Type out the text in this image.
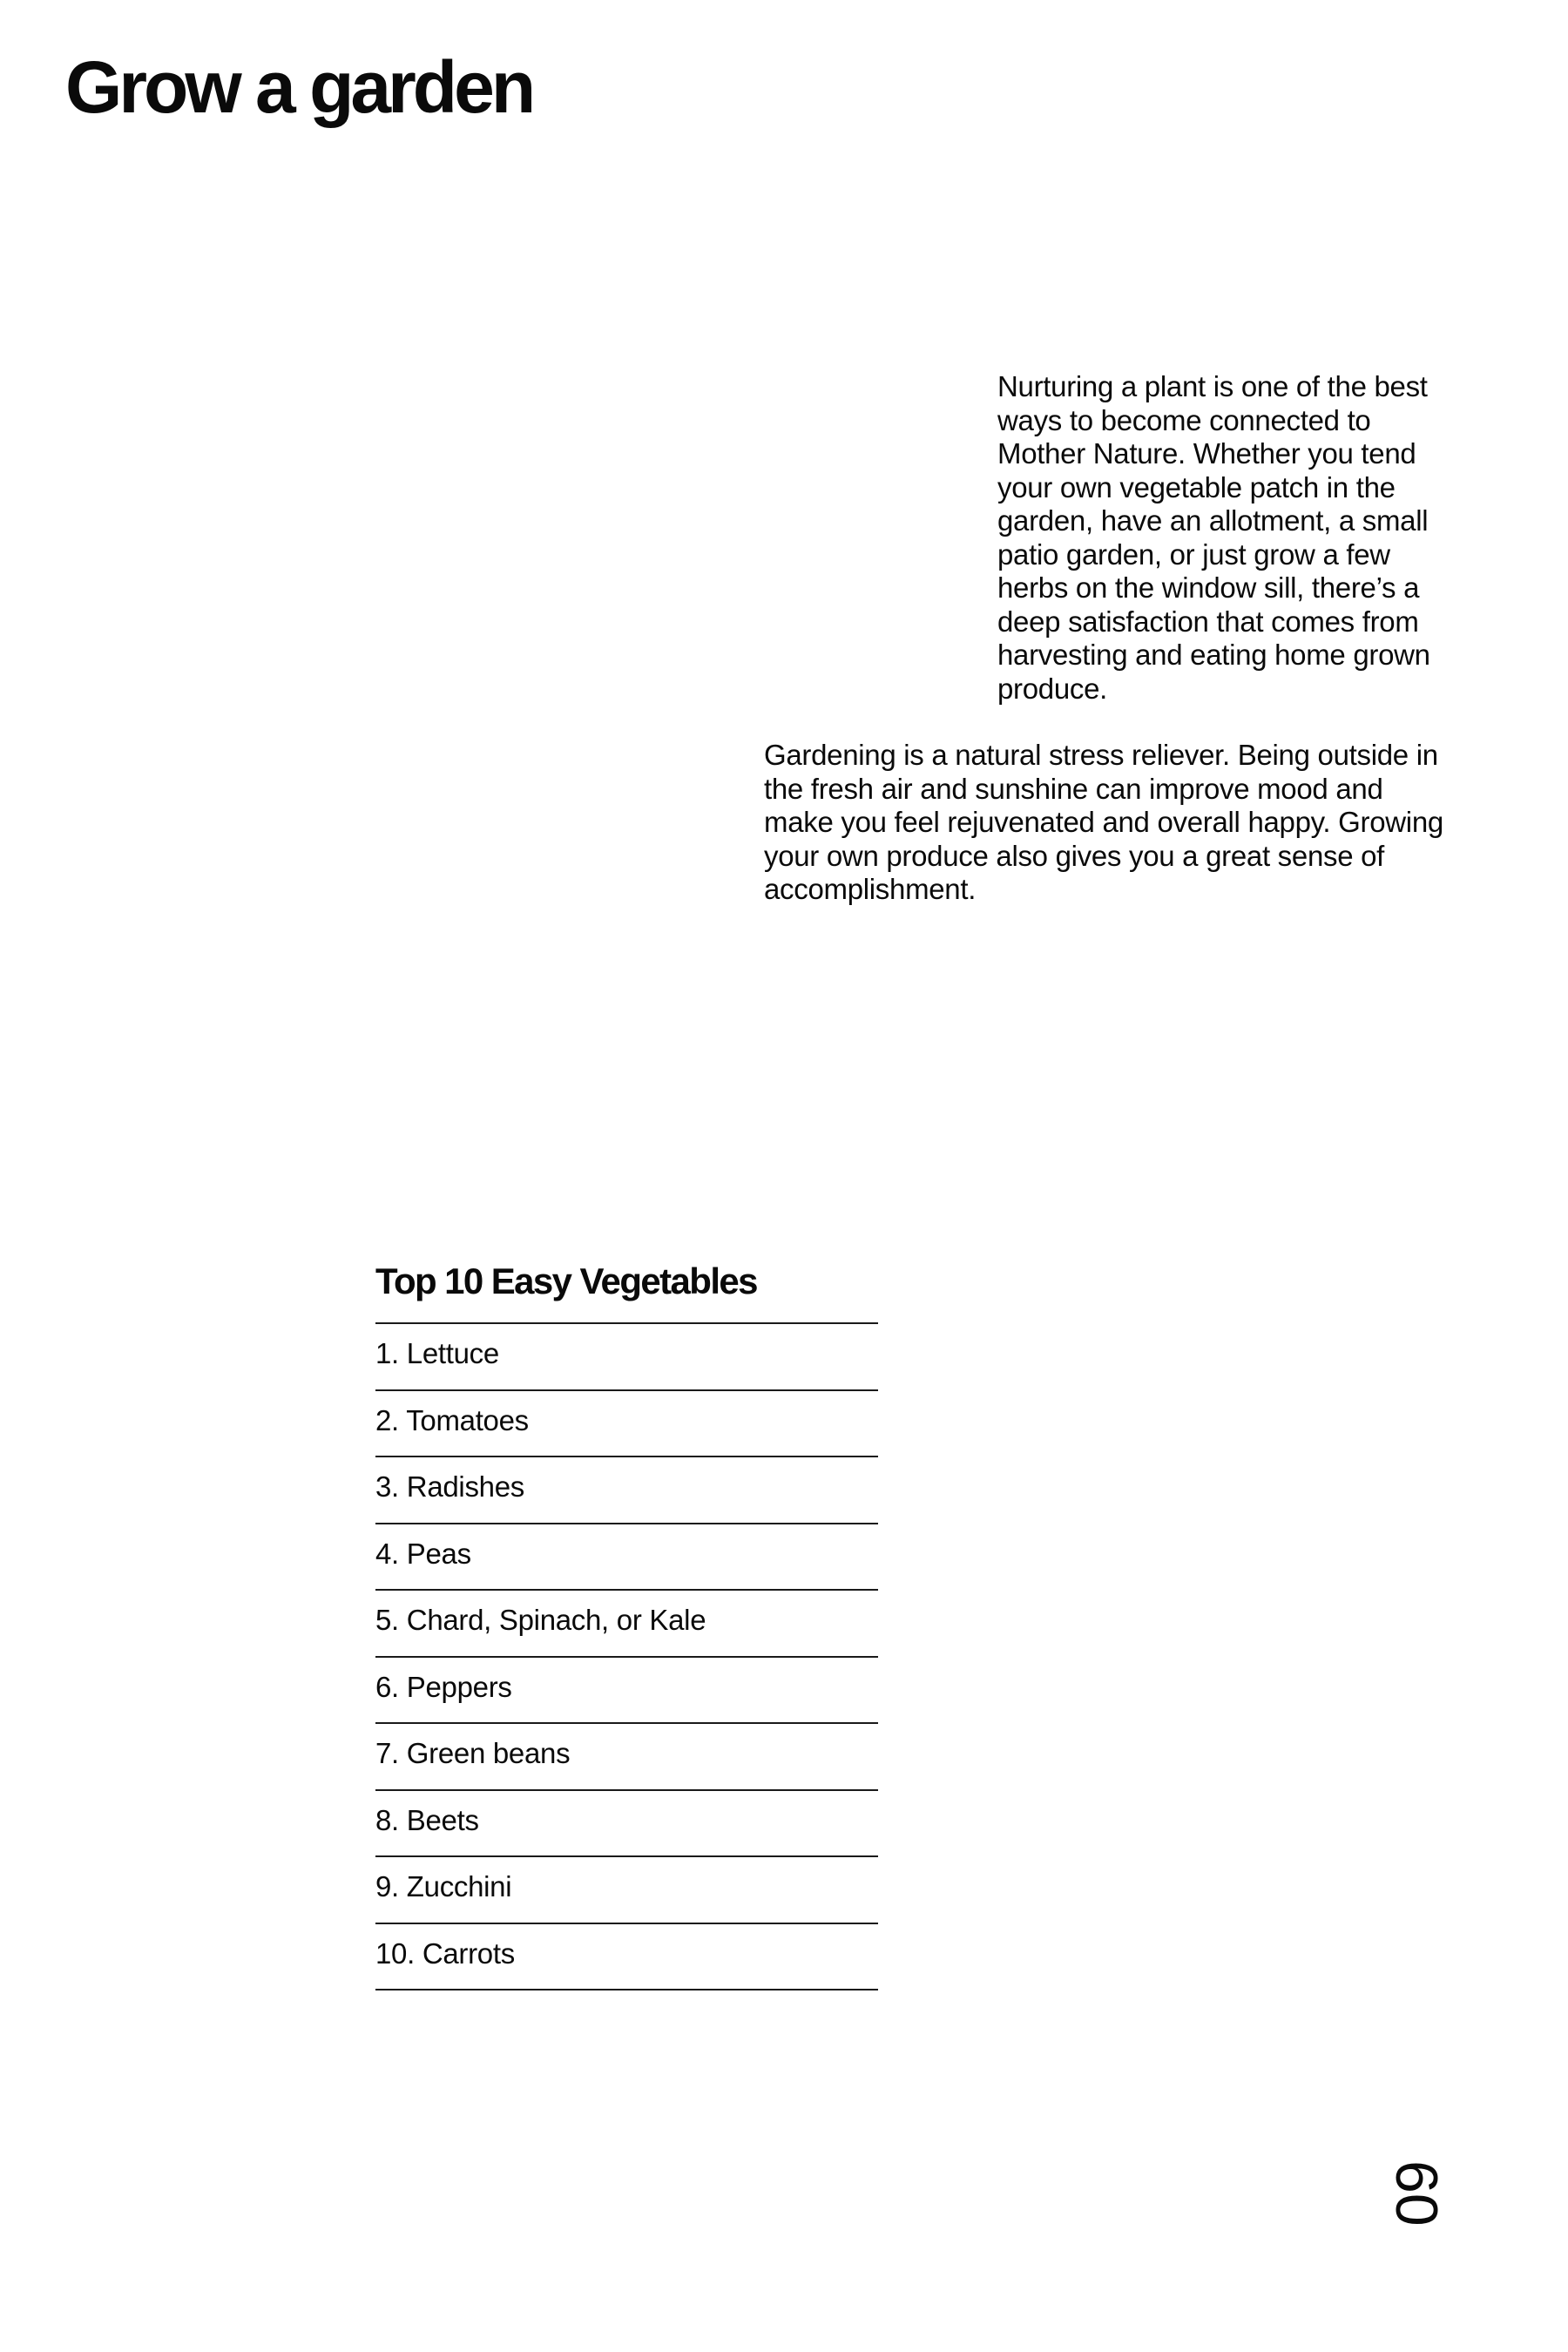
Grow a garden

Nurturing a plant is one of the best ways to become connected to Mother Nature. Whether you tend your own vegetable patch in the garden, have an allotment, a small patio garden, or just grow a few herbs on the window sill, there’s a deep satisfaction that comes from harvesting and eating home grown produce.

Gardening is a natural stress reliever. Being outside in the fresh air and sunshine can improve mood and make you feel rejuvenated and overall happy. Growing your own produce also gives you a great sense of accomplishment.

Top 10 Easy Vegetables
1. Lettuce
2. Tomatoes
3. Radishes
4. Peas
5. Chard, Spinach, or Kale
6. Peppers
7. Green beans
8. Beets
9. Zucchini
10. Carrots
60
